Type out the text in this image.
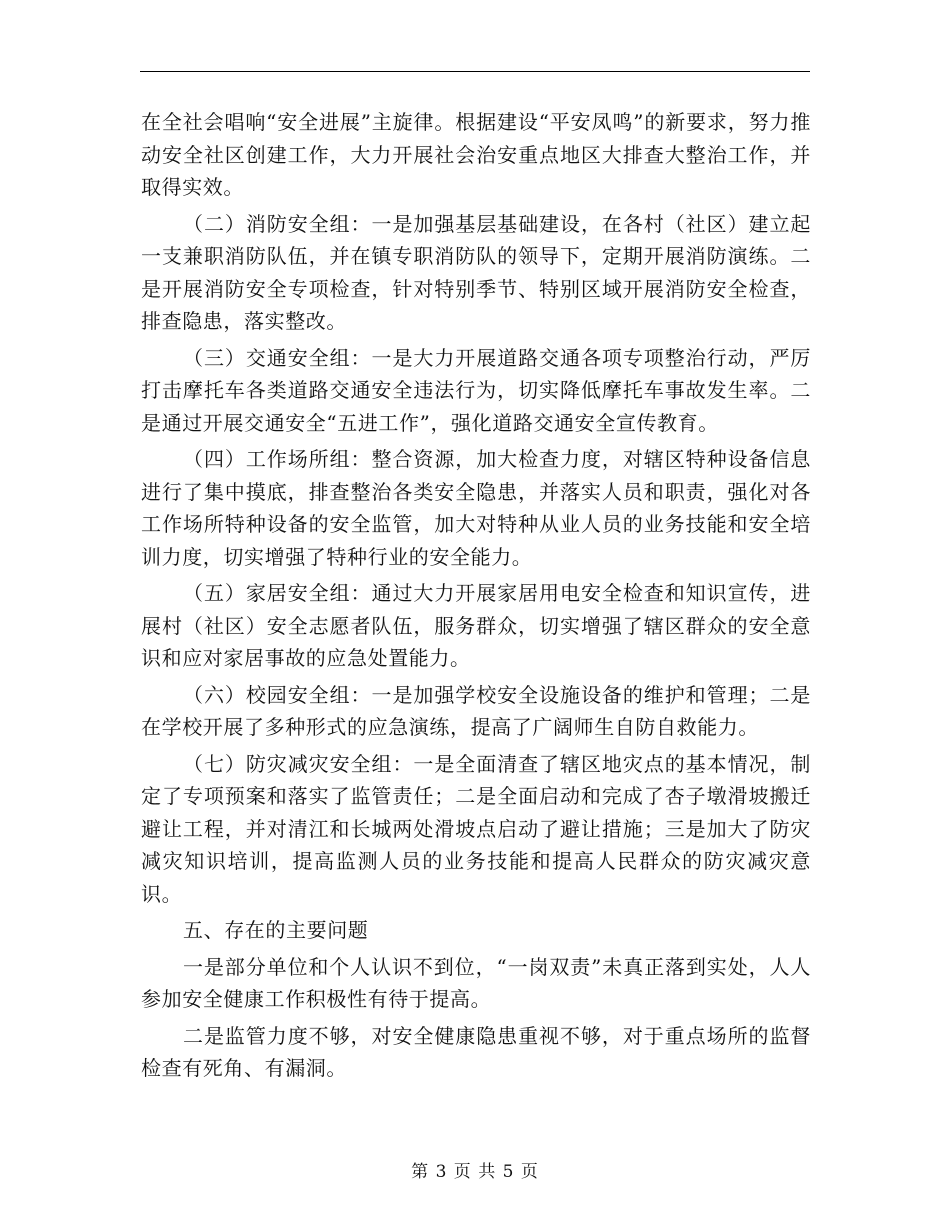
在全社会唱响“安全进展”主旋律。根据建设“平安凤鸣”的新要求，努力推动安全社区创建工作，大力开展社会治安重点地区大排查大整治工作，并取得实效。

（二）消防安全组：一是加强基层基础建设，在各村（社区）建立起一支兼职消防队伍，并在镇专职消防队的领导下，定期开展消防演练。二是开展消防安全专项检查，针对特别季节、特别区域开展消防安全检查，排查隐患，落实整改。

（三）交通安全组：一是大力开展道路交通各项专项整治行动，严厉打击摩托车各类道路交通安全违法行为，切实降低摩托车事故发生率。二是通过开展交通安全“五进工作”，强化道路交通安全宣传教育。

（四）工作场所组：整合资源，加大检查力度，对辖区特种设备信息进行了集中摸底，排查整治各类安全隐患，并落实人员和职责，强化对各工作场所特种设备的安全监管，加大对特种从业人员的业务技能和安全培训力度，切实增强了特种行业的安全能力。

（五）家居安全组：通过大力开展家居用电安全检查和知识宣传，进展村（社区）安全志愿者队伍，服务群众，切实增强了辖区群众的安全意识和应对家居事故的应急处置能力。

（六）校园安全组：一是加强学校安全设施设备的维护和管理；二是在学校开展了多种形式的应急演练，提高了广阔师生自防自救能力。

（七）防灾减灾安全组：一是全面清查了辖区地灾点的基本情况，制定了专项预案和落实了监管责任；二是全面启动和完成了杏子墩滑坡搬迁避让工程，并对清江和长城两处滑坡点启动了避让措施；三是加大了防灾减灾知识培训，提高监测人员的业务技能和提高人民群众的防灾减灾意识。

五、存在的主要问题

一是部分单位和个人认识不到位，“一岗双责”未真正落到实处，人人参加安全健康工作积极性有待于提高。

二是监管力度不够，对安全健康隐患重视不够，对于重点场所的监督检查有死角、有漏洞。

第 3 页 共 5 页
